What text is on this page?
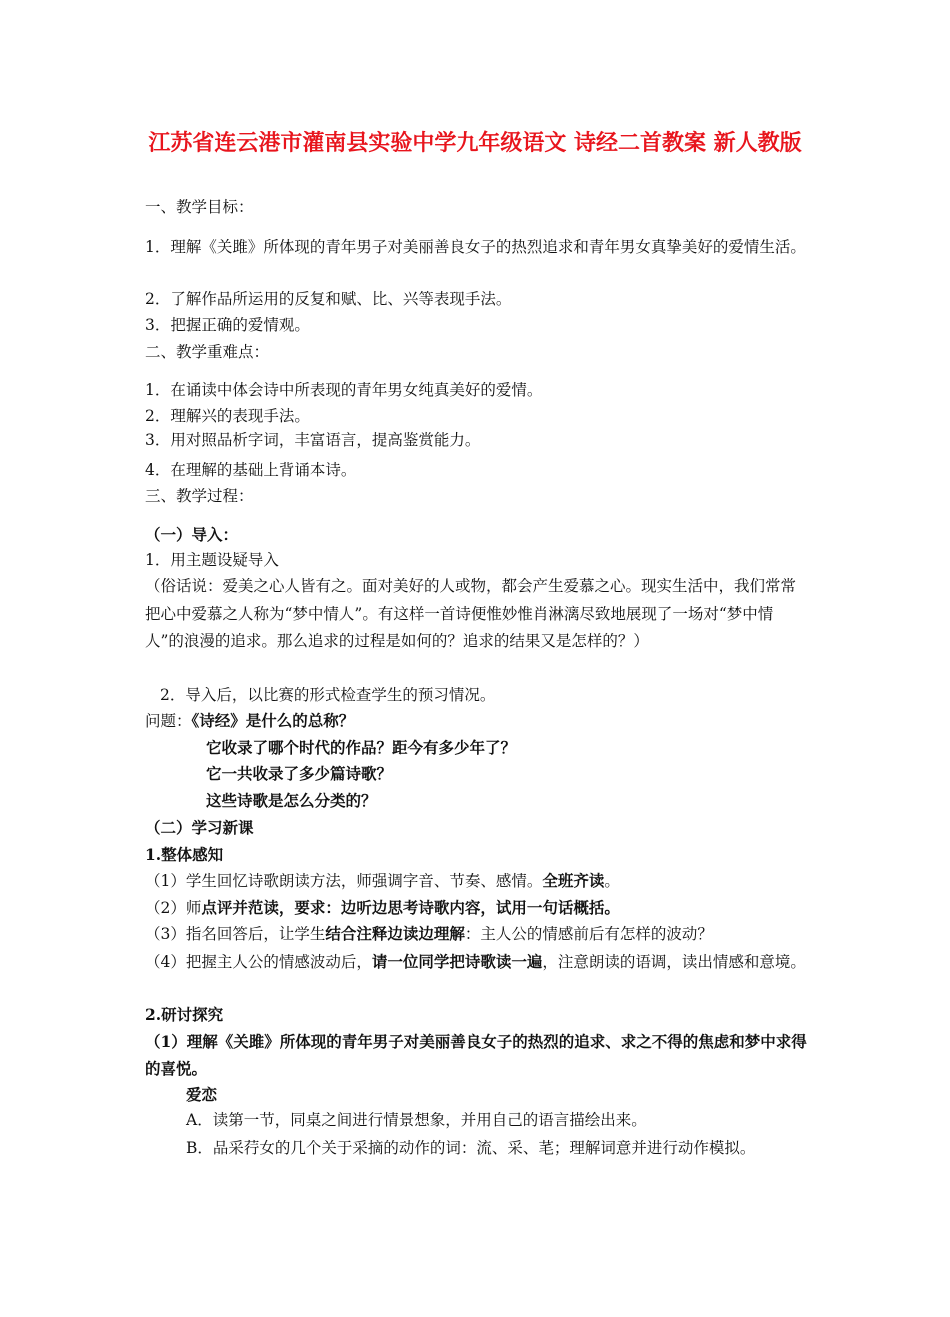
江苏省连云港市灌南县实验中学九年级语文 诗经二首教案 新人教版
一、教学目标：
1．理解《关雎》所体现的青年男子对美丽善良女子的热烈追求和青年男女真挚美好的爱情生活。
2．了解作品所运用的反复和赋、比、兴等表现手法。
3．把握正确的爱情观。
二、教学重难点：
1．在诵读中体会诗中所表现的青年男女纯真美好的爱情。
2．理解兴的表现手法。
3．用对照品析字词，丰富语言，提高鉴赏能力。
4．在理解的基础上背诵本诗。
三、教学过程：
（一）导入：
1．用主题设疑导入
（俗话说：爱美之心人皆有之。面对美好的人或物，都会产生爱慕之心。现实生活中，我们常常把心中爱慕之人称为“梦中情人”。有这样一首诗便惟妙惟肖淋漓尽致地展现了一场对“梦中情人”的浪漫的追求。那么追求的过程是如何的？追求的结果又是怎样的？）
2．导入后，以比赛的形式检查学生的预习情况。
问题：《诗经》是什么的总称？
它收录了哪个时代的作品？距今有多少年了？
它一共收录了多少篇诗歌？
这些诗歌是怎么分类的？
（二）学习新课
1.整体感知
（1）学生回忆诗歌朗读方法，师强调字音、节奏、感情。全班齐读。
（2）师点评并范读，要求：边听边思考诗歌内容，试用一句话概括。
（3）指名回答后，让学生结合注释边读边理解：主人公的情感前后有怎样的波动？
（4）把握主人公的情感波动后，请一位同学把诗歌读一遍，注意朗读的语调，读出情感和意境。
2.研讨探究
（1）理解《关雎》所体现的青年男子对美丽善良女子的热烈的追求、求之不得的焦虑和梦中求得的喜悦。
爱恋
A．读第一节，同桌之间进行情景想象，并用自己的语言描绘出来。
B．品采荇女的几个关于采摘的动作的词：流、采、芼；理解词意并进行动作模拟。
